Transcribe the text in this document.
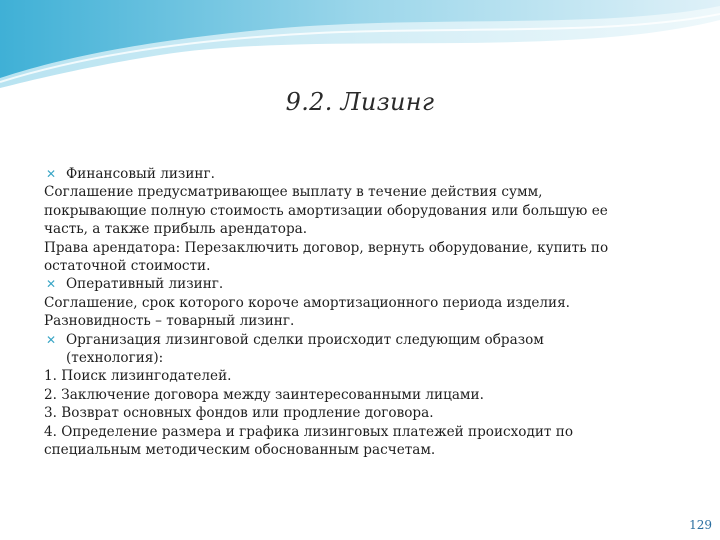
9.2. Лизинг

✕ Финансовый лизинг.

Соглашение предусматривающее выплату в течение действия сумм,

покрывающие полную стоимость амортизации оборудования или большую ее

часть, а также прибыль арендатора.

Права арендатора: Перезаключить договор, вернуть оборудование, купить по

остаточной стоимости.

✕ Оперативный лизинг.

Соглашение, срок которого короче амортизационного периода изделия.

Разновидность – товарный лизинг.

✕ Организация лизинговой сделки происходит следующим образом
(технология):

1. Поиск лизингодателей.

2. Заключение договора между заинтересованными лицами.

3. Возврат основных фондов или продление договора.

4. Определение размера и графика лизинговых платежей происходит по

специальным методическим обоснованным расчетам.

129
